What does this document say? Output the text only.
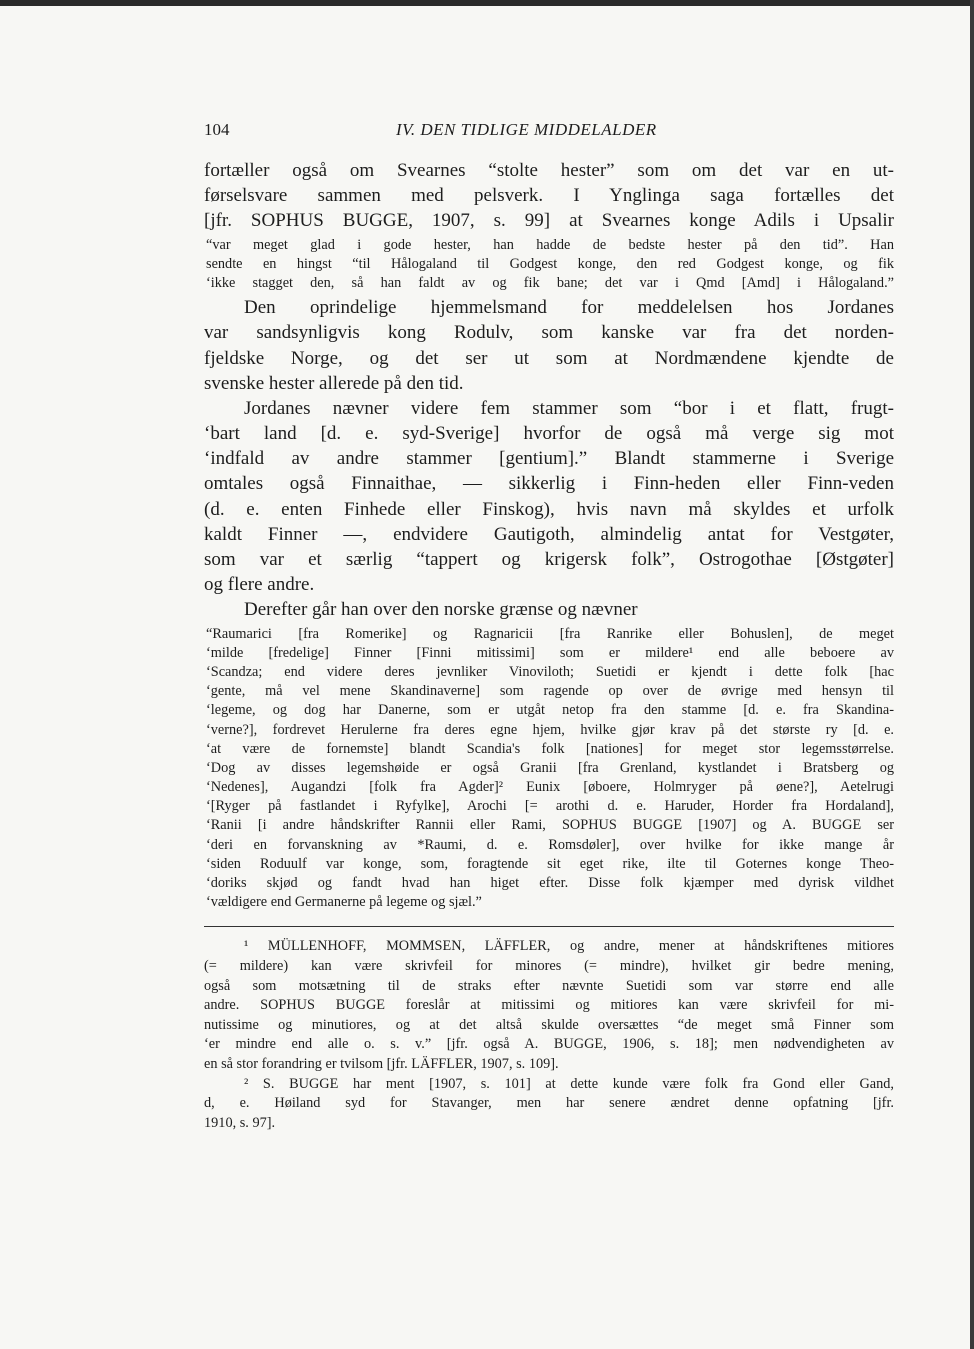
104	IV. DEN TIDLIGE MIDDELALDER
fortæller også om Svearnes “stolte hester” som om det var en ut-
førselsvare sammen med pelsverk. I Ynglinga saga fortælles det
[jfr. SOPHUS BUGGE, 1907, s. 99] at Svearnes konge Adils i Upsalir
“var meget glad i gode hester, han hadde de bedste hester på den tid”. Han
sendte en hingst “til Hålogaland til Godgest konge, den red Godgest konge, og fik
‘ikke stagget den, så han faldt av og fik bane; det var i Qmd [Amd] i Hålogaland.”
Den oprindelige hjemmelsmand for meddelelsen hos Jordanes
var sandsynligvis kong Rodulv, som kanske var fra det norden-
fjeldske Norge, og det ser ut som at Nordmændene kjendte de
svenske hester allerede på den tid.
Jordanes nævner videre fem stammer som “bor i et flatt, frugt-
‘bart land [d. e. syd-Sverige] hvorfor de også må verge sig mot
‘indfald av andre stammer [gentium].” Blandt stammerne i Sverige
omtales også Finnaithae, — sikkerlig i Finn-heden eller Finn-veden
(d. e. enten Finhede eller Finskog), hvis navn må skyldes et urfolk
kaldt Finner —, endvidere Gautigoth, almindelig antat for Vestgøter,
som var et særlig “tappert og krigersk folk”, Ostrogothae [Østgøter]
og flere andre.
Derefter går han over den norske grænse og nævner
“Raumarici [fra Romerike] og Ragnaricii [fra Ranrike eller Bohuslen], de meget
‘milde [fredelige] Finner [Finni mitissimi] som er mildere¹ end alle beboere av
‘Scandza; end videre deres jevnliker Vinoviloth; Suetidi er kjendt i dette folk [hac
‘gente, må vel mene Skandinaverne] som ragende op over de øvrige med hensyn til
‘legeme, og dog har Danerne, som er utgåt netop fra den stamme [d. e. fra Skandina-
‘verne?], fordrevet Herulerne fra deres egne hjem, hvilke gjør krav på det største ry [d. e.
‘at være de fornemste] blandt Scandia's folk [nationes] for meget stor legemsstørrelse.
‘Dog av disses legemshøide er også Granii [fra Grenland, kystlandet i Bratsberg og
‘Nedenes], Augandzi [folk fra Agder]² Eunix [øboere, Holmryger på øene?], Aetelrugi
‘[Ryger på fastlandet i Ryfylke], Arochi [= arothi d. e. Haruder, Horder fra Hordaland],
‘Ranii [i andre håndskrifter Rannii eller Rami, SOPHUS BUGGE [1907] og A. BUGGE ser
‘deri en forvanskning av *Raumi, d. e. Romsdøler], over hvilke for ikke mange år
‘siden Roduulf var konge, som, foragtende sit eget rike, ilte til Goternes konge Theo-
‘doriks skjød og fandt hvad han higet efter. Disse folk kjæmper med dyrisk vildhet
‘vældigere end Germanerne på legeme og sjæl.”
¹ MÜLLENHOFF, MOMMSEN, LÄFFLER, og andre, mener at håndskriftenes mitiores
(= mildere) kan være skrivfeil for minores (= mindre), hvilket gir bedre mening,
også som motsætning til de straks efter nævnte Suetidi som var større end alle
andre. SOPHUS BUGGE foreslår at mitissimi og mitiores kan være skrivfeil for mi-
nutissime og minutiores, og at det altså skulde oversættes “de meget små Finner som
‘er mindre end alle o. s. v.” [jfr. også A. BUGGE, 1906, s. 18]; men nødvendigheten av
en så stor forandring er tvilsom [jfr. LÄFFLER, 1907, s. 109].
² S. BUGGE har ment [1907, s. 101] at dette kunde være folk fra Gond eller Gand,
d, e. Høiland syd for Stavanger, men har senere ændret denne opfatning [jfr.
1910, s. 97].
